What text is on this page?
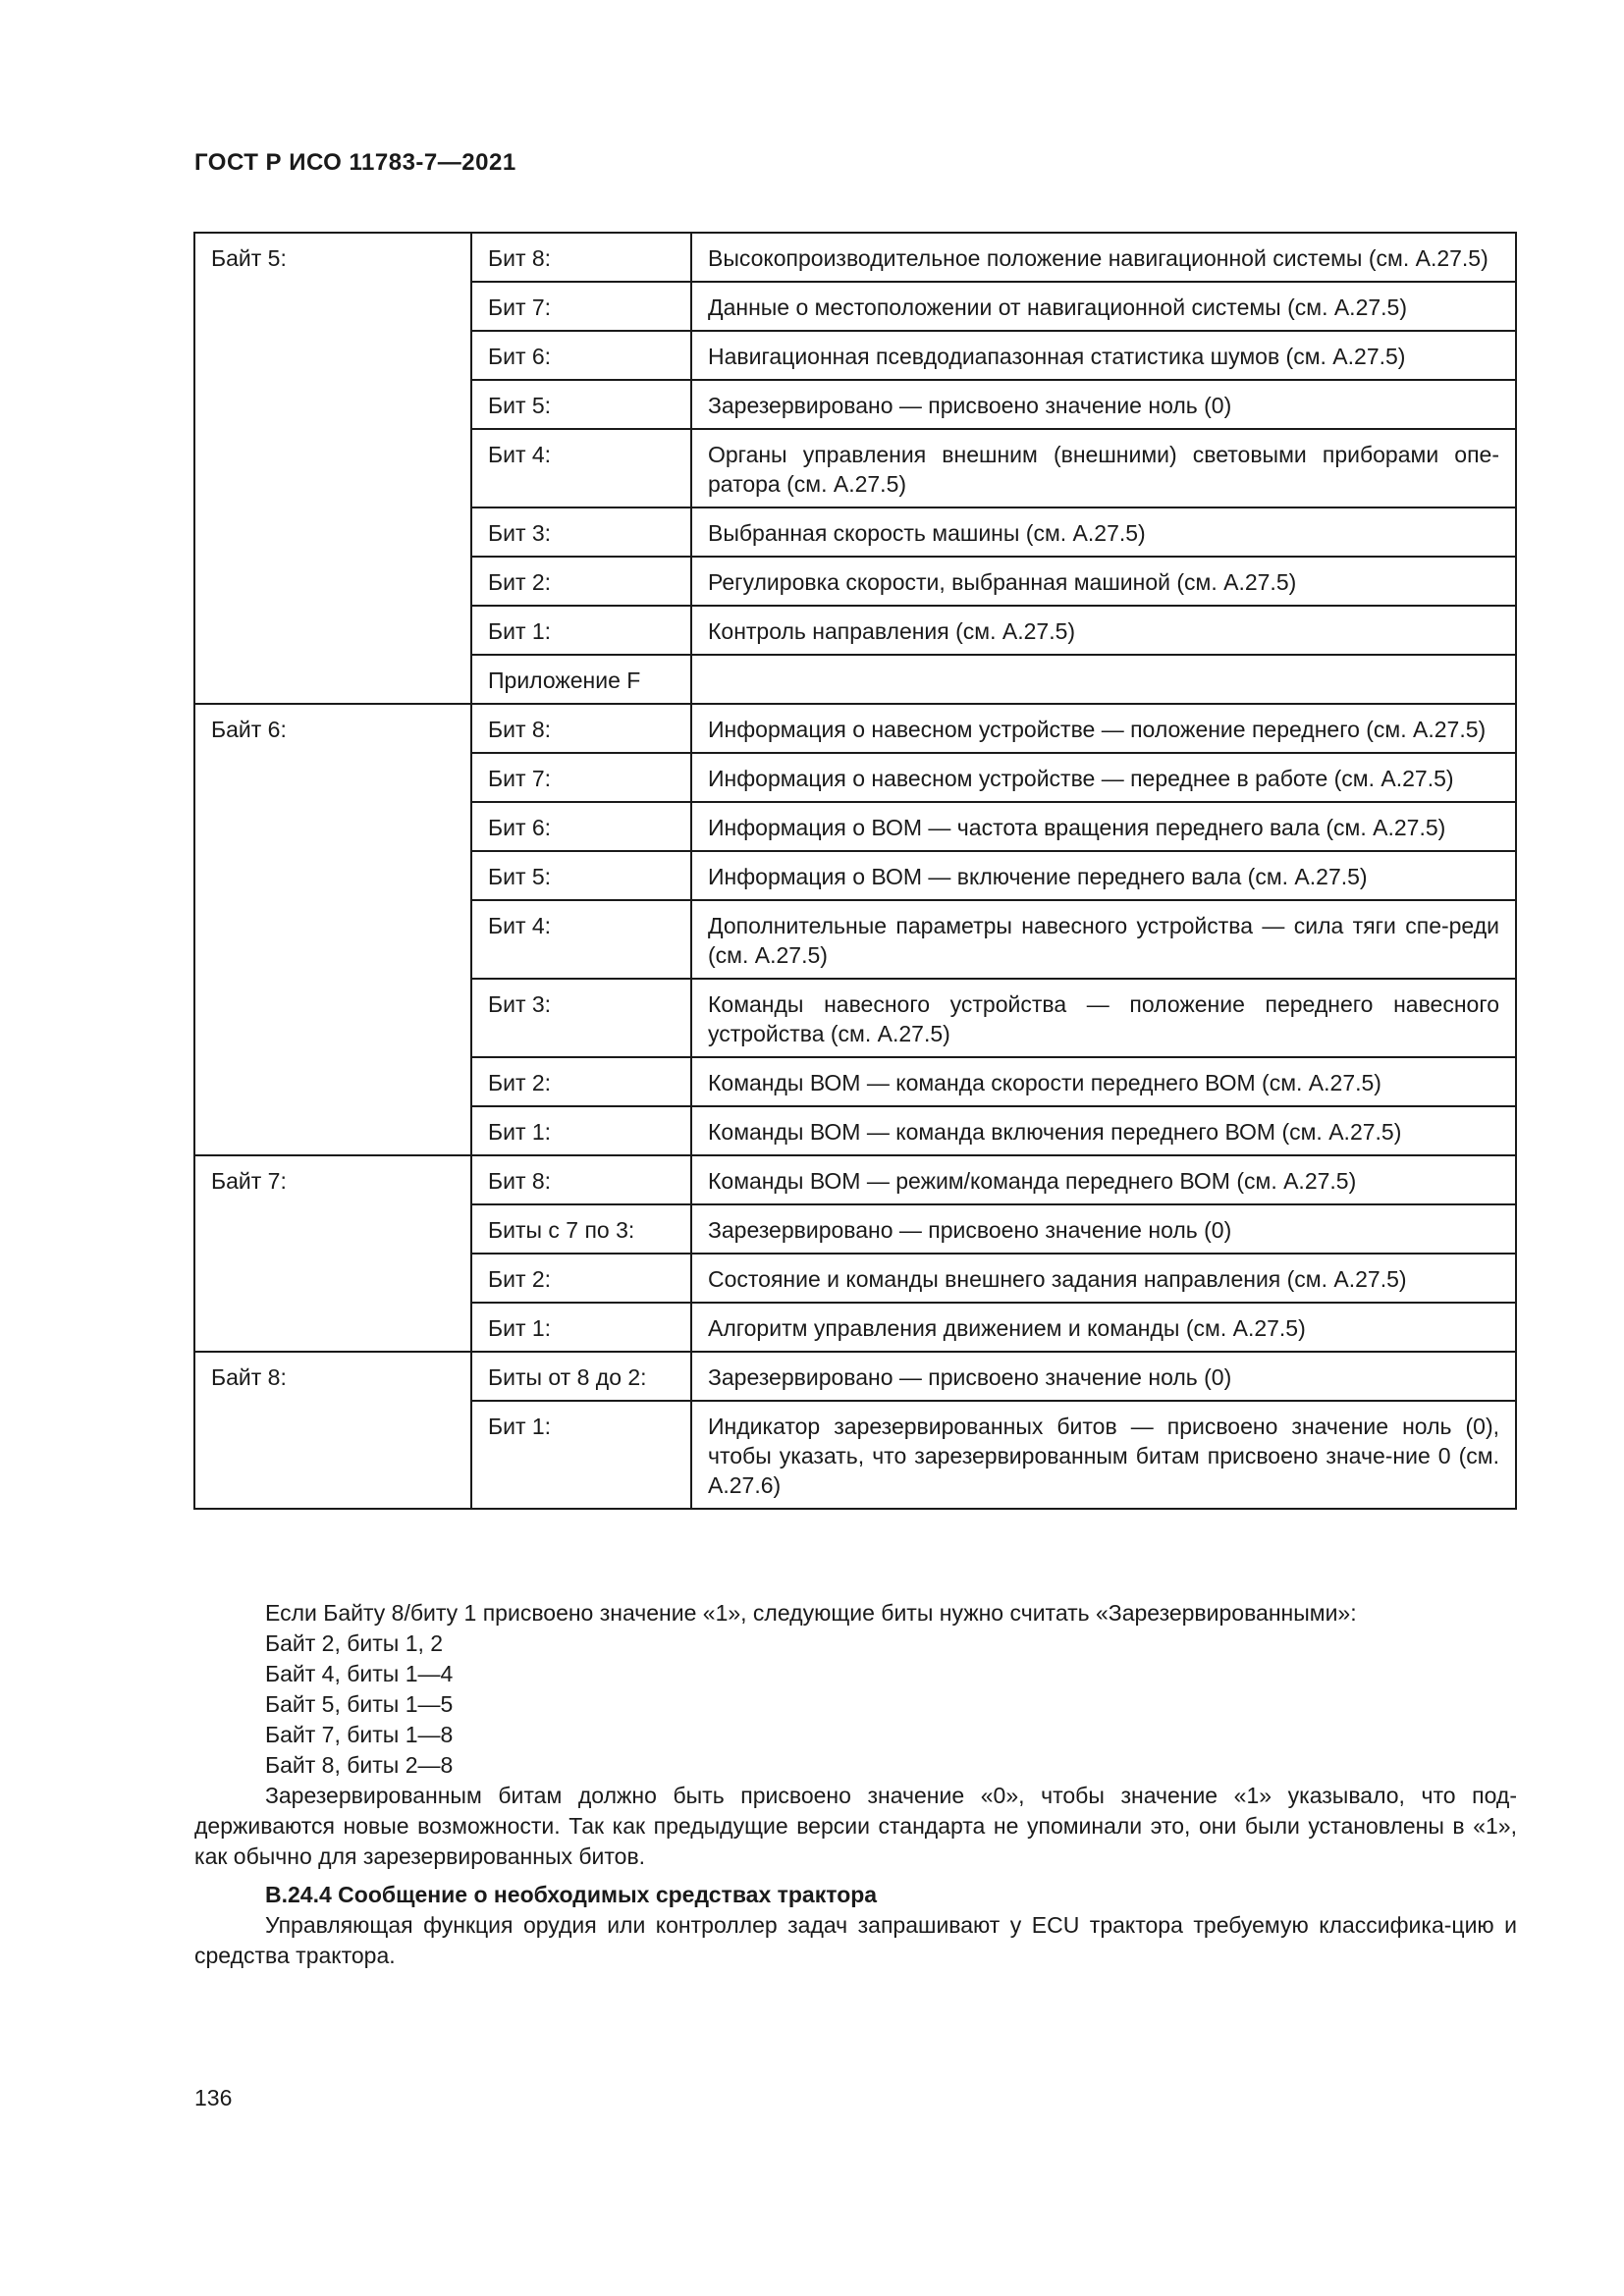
ГОСТ Р ИСО 11783-7—2021
Байт 5:	Бит 8:	Высокопроизводительное положение навигационной системы (см. А.27.5)
	Бит 7:	Данные о местоположении от навигационной системы (см. А.27.5)
	Бит 6:	Навигационная псевдодиапазонная статистика шумов (см. А.27.5)
	Бит 5:	Зарезервировано — присвоено значение ноль (0)
	Бит 4:	Органы управления внешним (внешними) световыми приборами опе-ратора (см. А.27.5)
	Бит 3:	Выбранная скорость машины (см. А.27.5)
	Бит 2:	Регулировка скорости, выбранная машиной (см. А.27.5)
	Бит 1:	Контроль направления (см. А.27.5)
	Приложение F	
Байт 6:	Бит 8:	Информация о навесном устройстве — положение переднего (см. А.27.5)
	Бит 7:	Информация о навесном устройстве — переднее в работе (см. А.27.5)
	Бит 6:	Информация о ВОМ — частота вращения переднего вала (см. А.27.5)
	Бит 5:	Информация о ВОМ — включение переднего вала (см. А.27.5)
	Бит 4:	Дополнительные параметры навесного устройства — сила тяги спе-реди (см. А.27.5)
	Бит 3:	Команды навесного устройства — положение переднего навесного устройства (см. А.27.5)
	Бит 2:	Команды ВОМ — команда скорости переднего ВОМ (см. А.27.5)
	Бит 1:	Команды ВОМ — команда включения переднего ВОМ (см. А.27.5)
Байт 7:	Бит 8:	Команды ВОМ — режим/команда переднего ВОМ (см. А.27.5)
	Биты с 7 по 3:	Зарезервировано — присвоено значение ноль (0)
	Бит 2:	Состояние и команды внешнего задания направления (см. А.27.5)
	Бит 1:	Алгоритм управления движением и команды (см. А.27.5)
Байт 8:	Биты от 8 до 2:	Зарезервировано — присвоено значение ноль (0)
	Бит 1:	Индикатор зарезервированных битов — присвоено значение ноль (0), чтобы указать, что зарезервированным битам присвоено значе-ние 0 (см. А.27.6)

Если Байту 8/биту 1 присвоено значение «1», следующие биты нужно считать «Зарезервированными»:

Байт 2, биты 1, 2

Байт 4, биты 1—4

Байт 5, биты 1—5

Байт 7, биты 1—8

Байт 8, биты 2—8

Зарезервированным битам должно быть присвоено значение «0», чтобы значение «1» указывало, что под-держиваются новые возможности. Так как предыдущие версии стандарта не упоминали это, они были установлены в «1», как обычно для зарезервированных битов.

В.24.4 Сообщение о необходимых средствах трактора

Управляющая функция орудия или контроллер задач запрашивают у ECU трактора требуемую классифика-цию и средства трактора.

136
